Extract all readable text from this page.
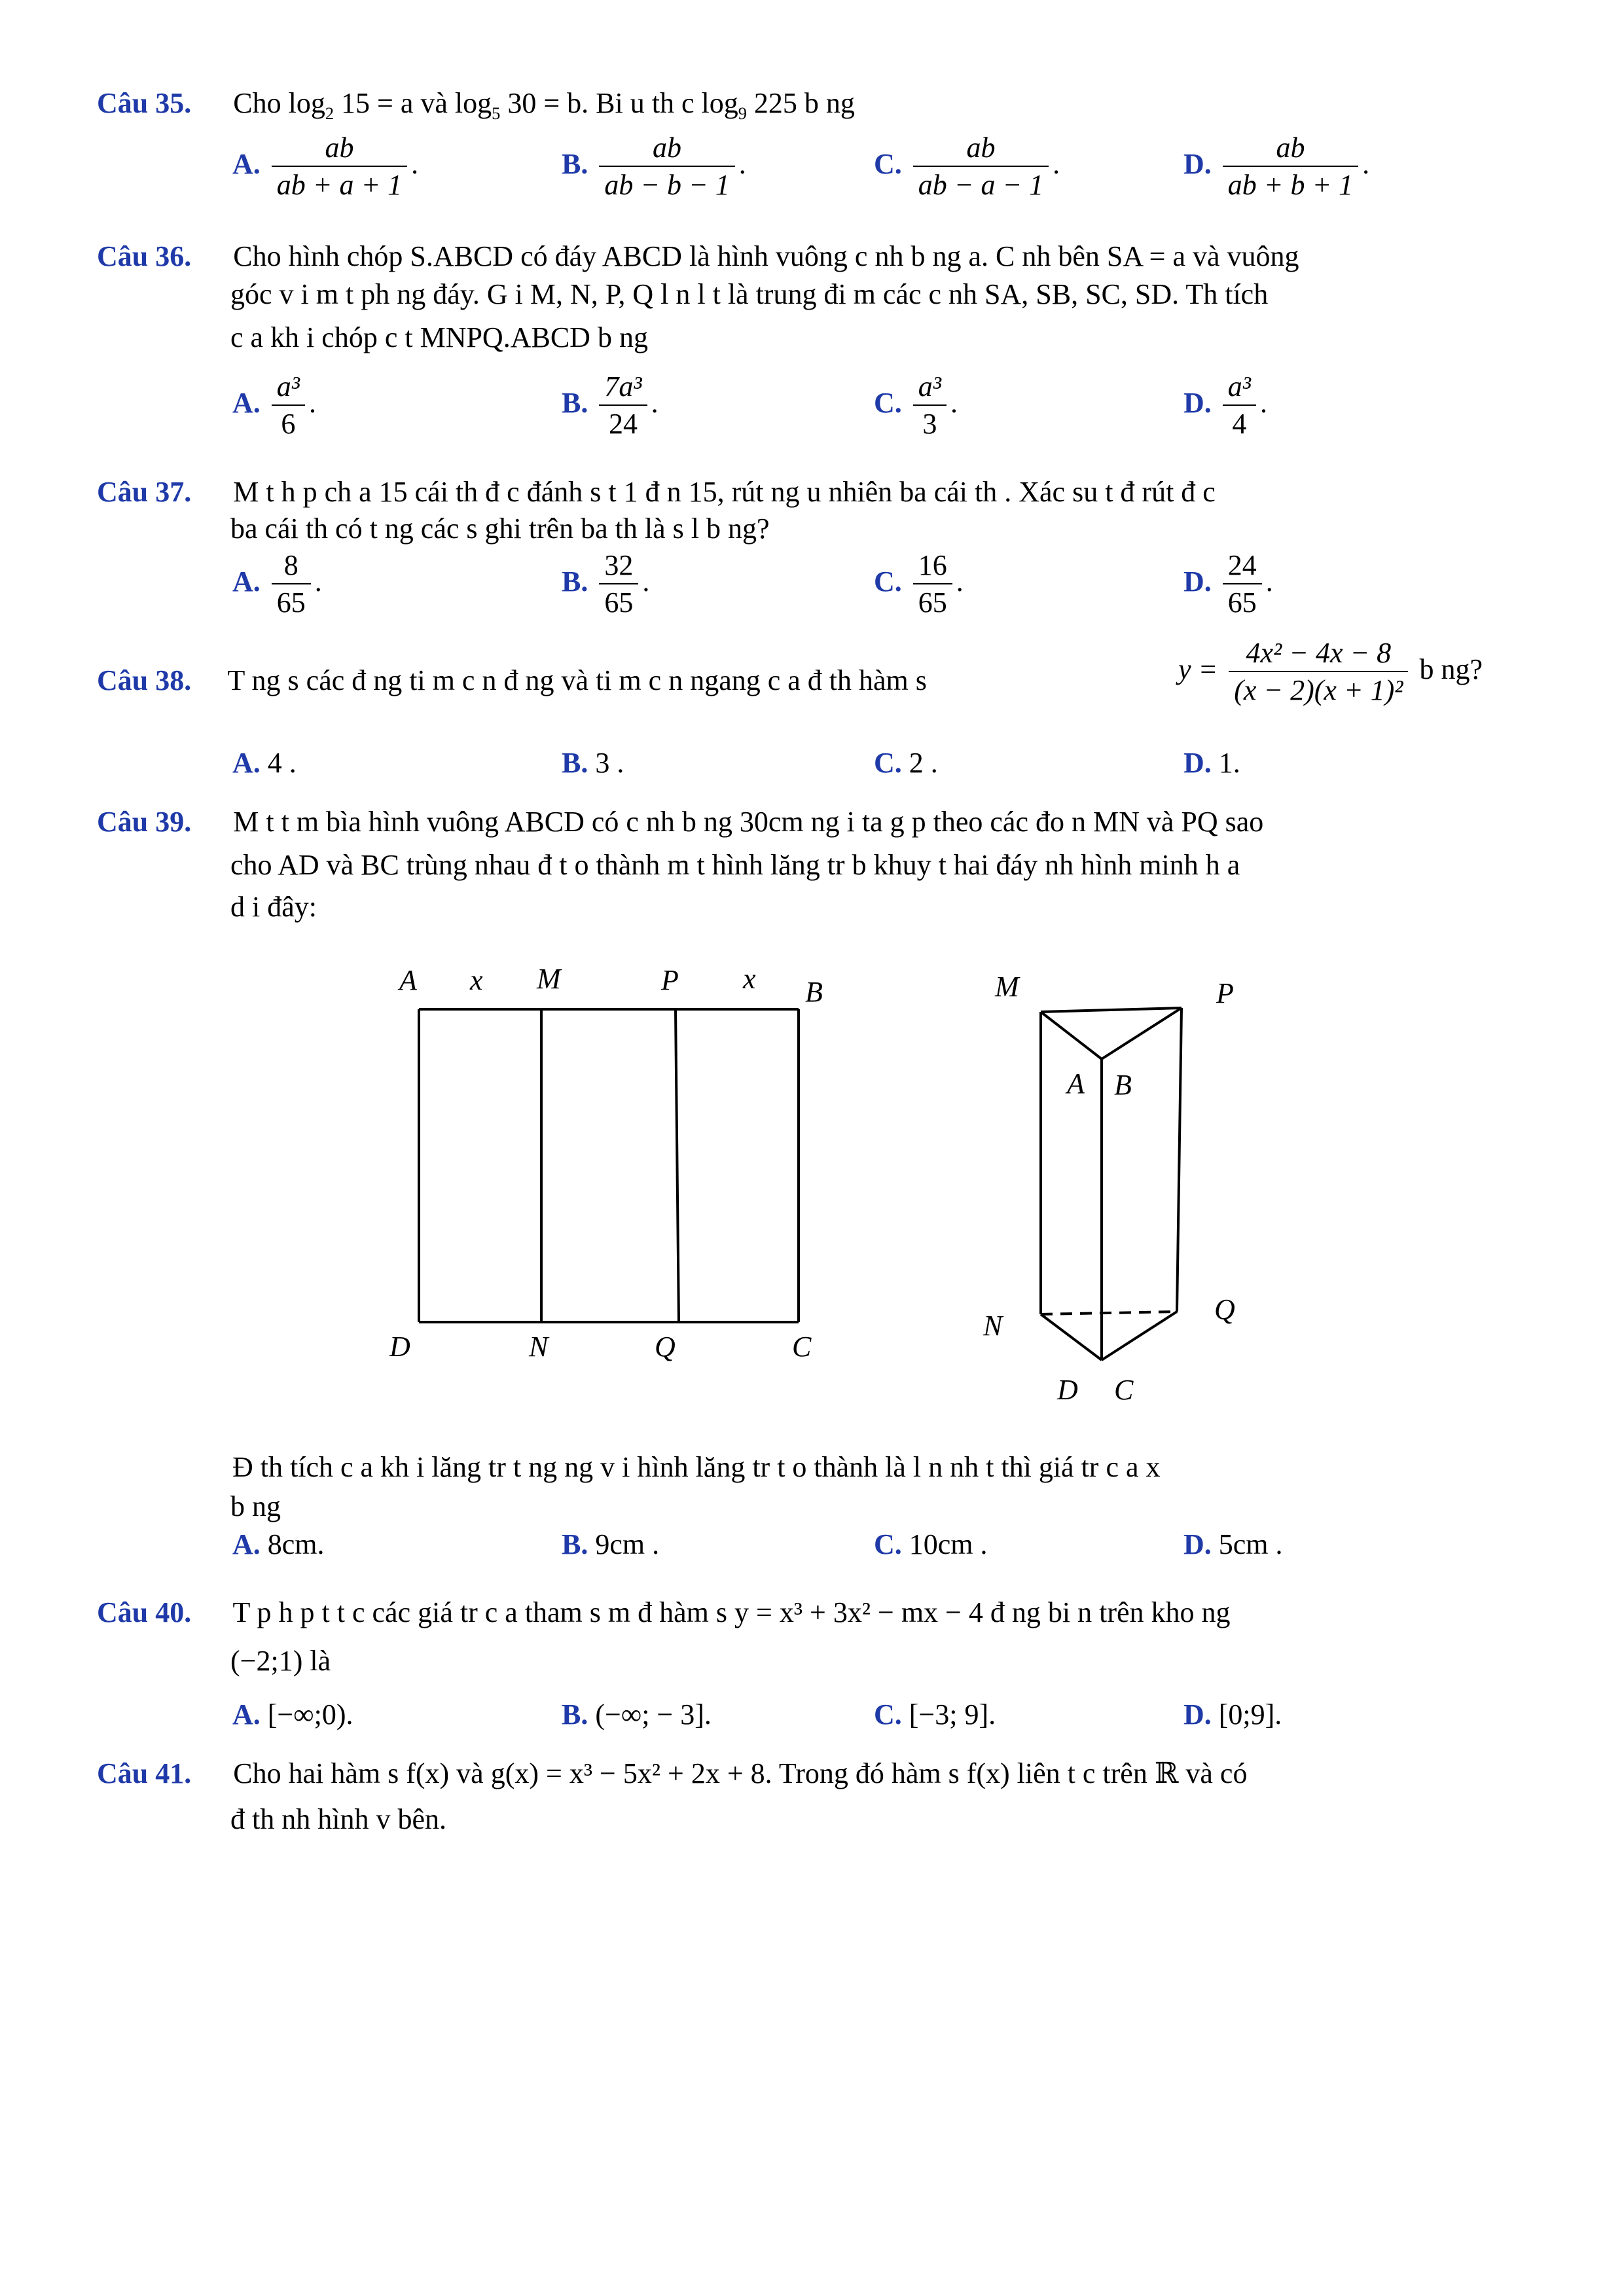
Câu 35. Cho $\log_2 15 = a$ và $\log_5 30 = b$. Bi u th c $\log_9 225$ b ng
A. $\frac{ab}{ab + a + 1}$ .	B. $\frac{ab}{ab - b - 1}$ .	C. $\frac{ab}{ab - a - 1}$ .	D. $\frac{ab}{ab + b + 1}$ .
Câu 36. Cho hình chóp S.ABCD có đáy ABCD là hình vuông c nh b ng a. C nh bên SA = a và vuông
góc v i m t ph ng đáy. G i M, N, P, Q l n l t là trung đi m các c nh SA, SB, SC, SD. Th tích
c a kh i chóp c t MNPQ.ABCD b ng
A. $\frac{\text{a³}}{6}$ .	B. $\frac{\text{7a³}}{24}$ .	C. $\frac{\text{a³}}{3}$ .	D. $\frac{\text{a³}}{4}$ .
Câu 37. M t h p ch a 15 cái th đ c đánh s t 1 đ n 15, rút ng u nhiên ba cái th . Xác su t đ rút đ c
ba cái th có t ng các s ghi trên ba th là s l b ng?
A. $\frac{8}{65}$ .	B. $\frac{32}{65}$ .	C. $\frac{16}{65}$ .	D. $\frac{24}{65}$ .
Câu 38. T ng s các đ ng ti m c n đ ng và ti m c n ngang c a đ th hàm s	$y = \frac{\text{4x² − 4x − 8}}{\text{(x − 2)(x + 1)²}}$ b ng?
A. 4 .	B. 3 .	C. 2 .	D. 1.
Câu 39. M t t m bìa hình vuông ABCD có c nh b ng 30cm ng i ta g p theo các đo n MN và PQ sao
cho AD và BC trùng nhau đ t o thành m t hình lăng tr b khuy t hai đáy nh hình minh h a
d i đây:
A x M	P x B
D	N	Q	C
M	P
A B
N
Q
D C
Đ th tích c a kh i lăng tr t ng ng v i hình lăng tr t o thành là l n nh t thì giá tr c a x
b ng
A. 8cm.	B. 9cm .	C. 10cm .	D. 5cm .
Câu 40. T p h p t t c các giá tr c a tham s m đ hàm s y = x³ + 3x² − mx − 4 đ ng bi n trên kho ng
(−2;1) là
A. [−∞;0).	B. (−∞; − 3].	C. [−3; 9].	D. [0;9].
Câu 41. Cho hai hàm s f(x) và g(x) = x³ − 5x² + 2x + 8. Trong đó hàm s f(x) liên t c trên ℝ và có
đ th nh hình v bên.
